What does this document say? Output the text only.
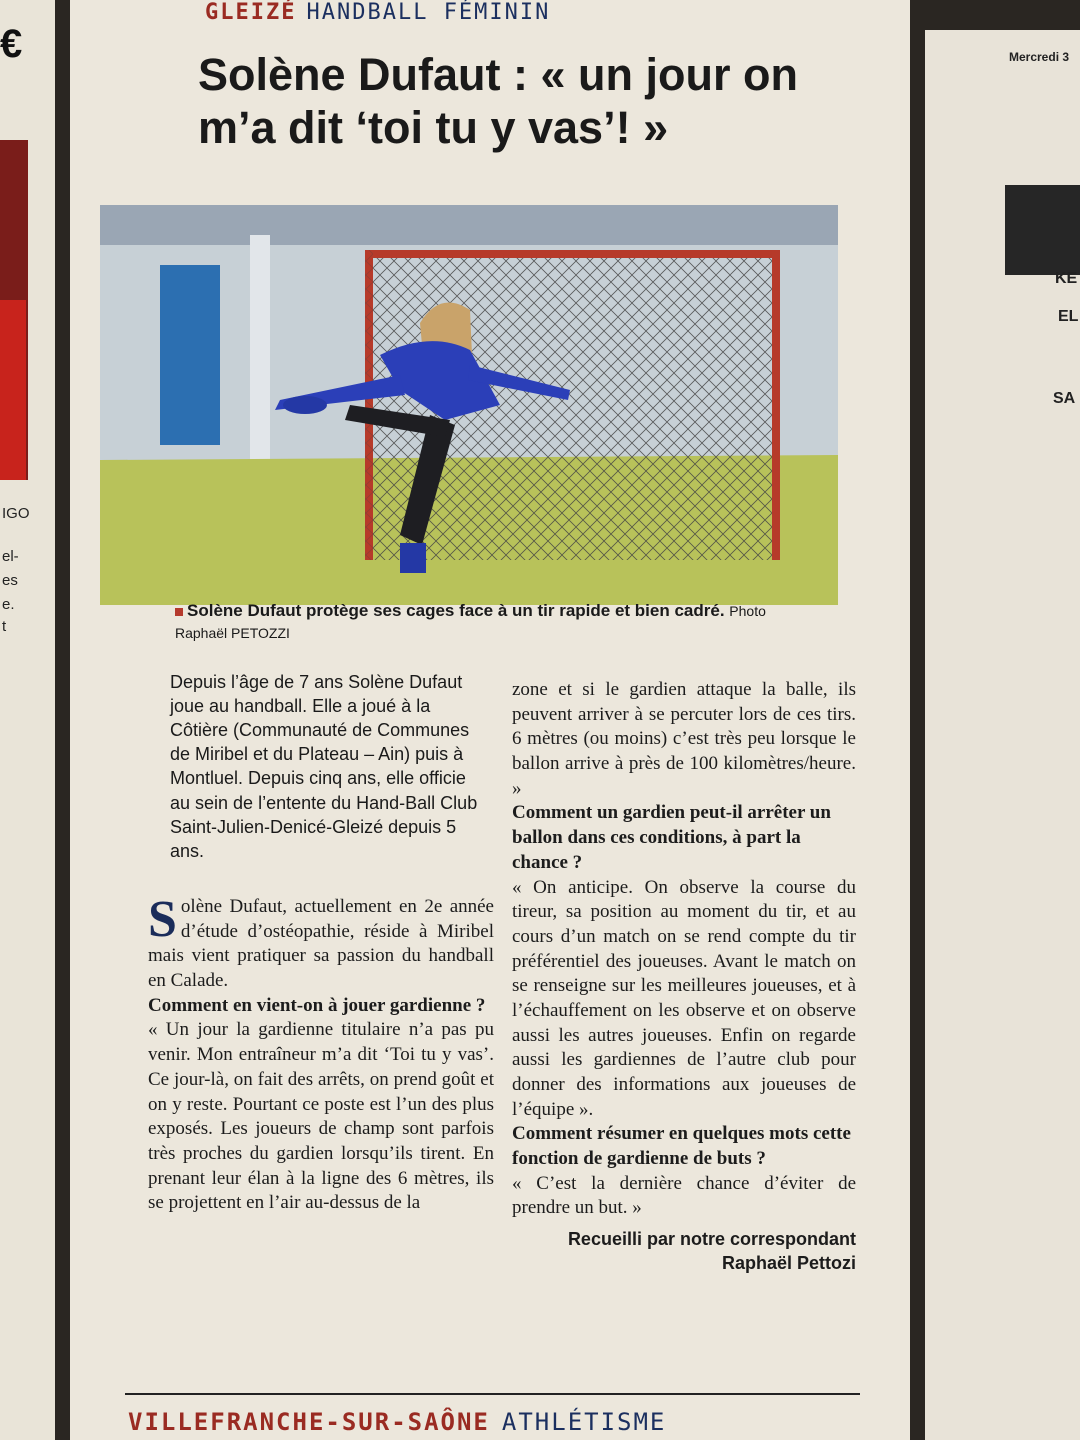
€
IGO
el-
es
e.
t
Mercredi 3
KE
EL
SA
GLEIZÉ HANDBALL FÉMININ
Solène Dufaut : « un jour on m’a dit ‘toi tu y vas’! »
Solène Dufaut protège ses cages face à un tir rapide et bien cadré. Photo Raphaël PETOZZI
Depuis l’âge de 7 ans Solène Dufaut joue au handball. Elle a joué à la Côtière (Communauté de Communes de Miribel et du Plateau – Ain) puis à Montluel. Depuis cinq ans, elle officie au sein de l’entente du Hand-Ball Club Saint-Julien-Denicé-Gleizé depuis 5 ans.

Solène Dufaut, actuellement en 2e année d’étude d’ostéopathie, réside à Miribel mais vient pratiquer sa passion du handball en Calade.

Comment en vient-on à jouer gardienne ?

« Un jour la gardienne titulaire n’a pas pu venir. Mon entraîneur m’a dit ‘Toi tu y vas’. Ce jour-là, on fait des arrêts, on prend goût et on y reste. Pourtant ce poste est l’un des plus exposés. Les joueurs de champ sont parfois très proches du gardien lorsqu’ils tirent. En prenant leur élan à la ligne des 6 mètres, ils se projettent en l’air au-dessus de la

zone et si le gardien attaque la balle, ils peuvent arriver à se percuter lors de ces tirs. 6 mètres (ou moins) c’est très peu lorsque le ballon arrive à près de 100 kilomètres/heure. »

Comment un gardien peut-il arrêter un ballon dans ces conditions, à part la chance ?

« On anticipe. On observe la course du tireur, sa position au moment du tir, et au cours d’un match on se rend compte du tir préférentiel des joueuses. Avant le match on se renseigne sur les meilleures joueuses, et à l’échauffement on les observe et on observe aussi les autres joueuses. Enfin on regarde aussi les gardiennes de l’autre club pour donner des informations aux joueuses de l’équipe ».

Comment résumer en quelques mots cette fonction de gardienne de buts ?

« C’est la dernière chance d’éviter de prendre un but. »

Recueilli par notre correspondant
Raphaël Pettozi
VILLEFRANCHE-SUR-SAÔNE ATHLÉTISME
